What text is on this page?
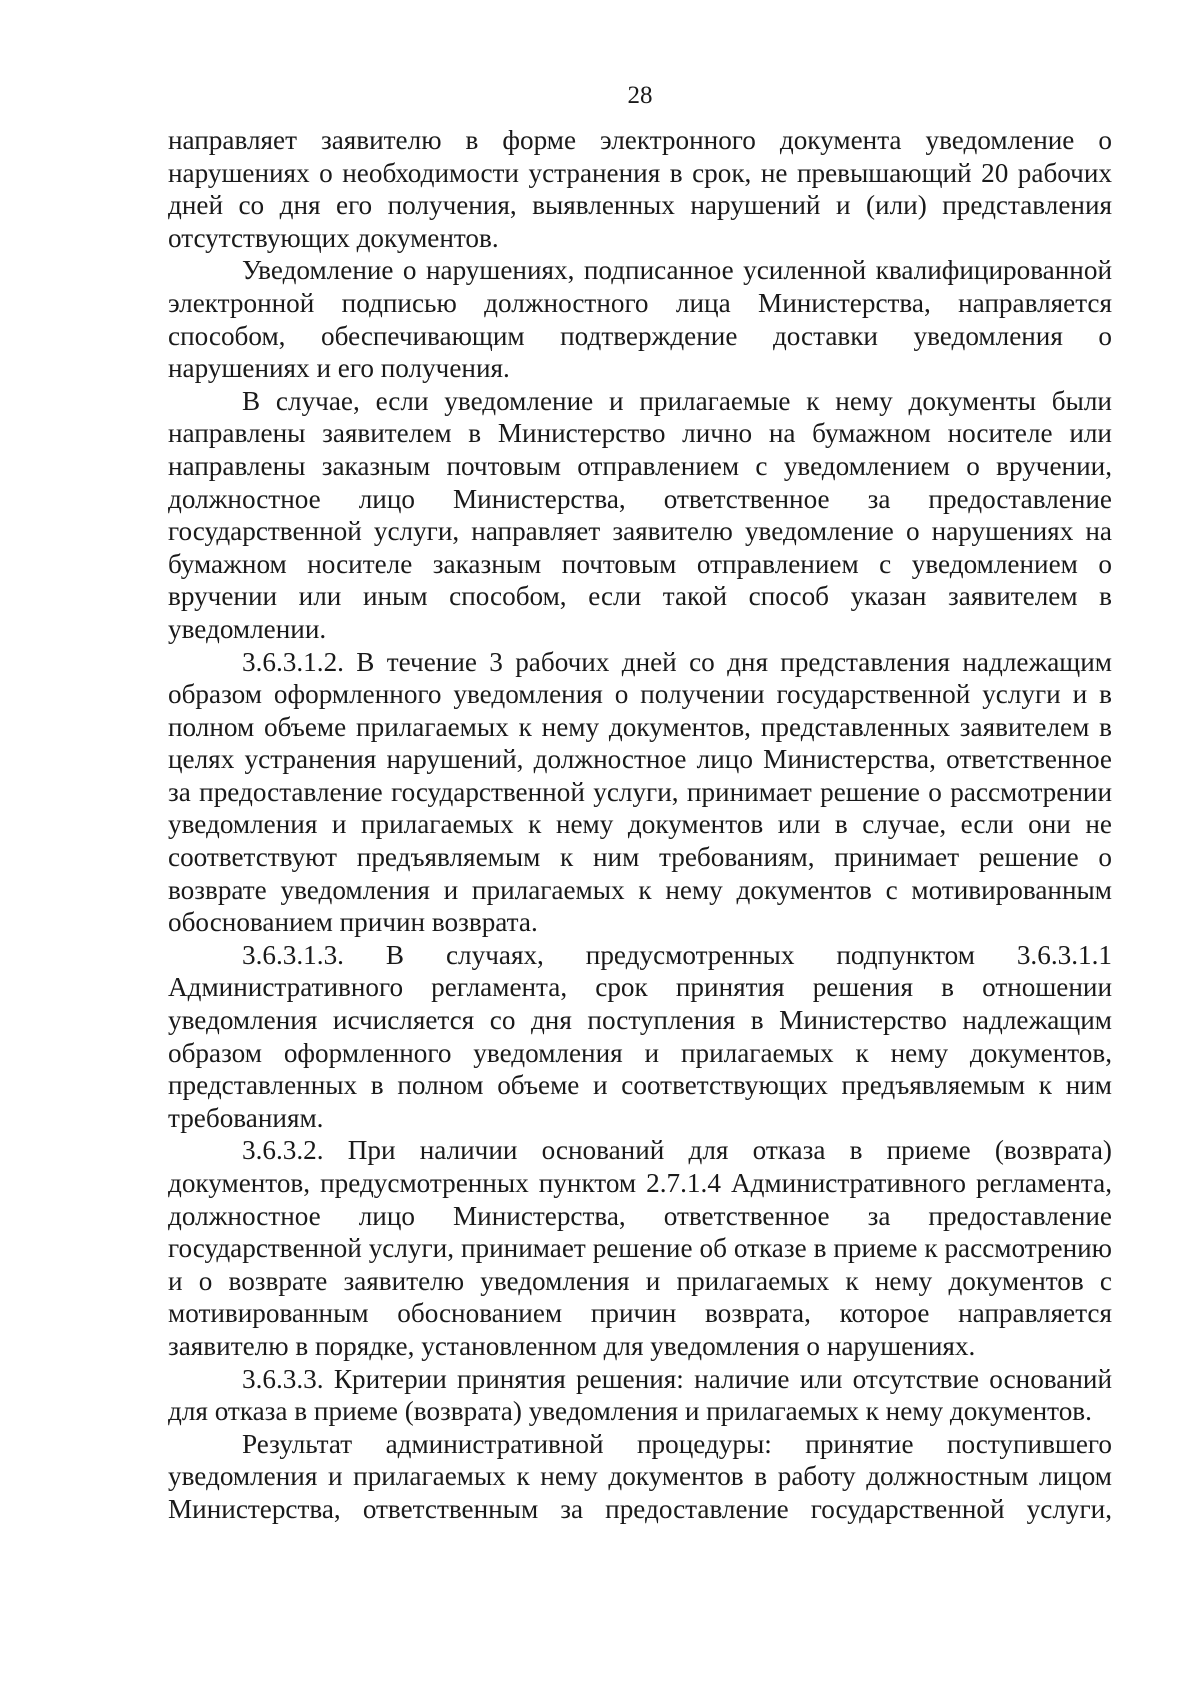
28

направляет заявителю в форме электронного документа уведомление о нарушениях о необходимости устранения в срок, не превышающий 20 рабочих дней со дня его получения, выявленных нарушений и (или) представления отсутствующих документов.

Уведомление о нарушениях, подписанное усиленной квалифицированной электронной подписью должностного лица Министерства, направляется способом, обеспечивающим подтверждение доставки уведомления о нарушениях и его получения.

В случае, если уведомление и прилагаемые к нему документы были направлены заявителем в Министерство лично на бумажном носителе или направлены заказным почтовым отправлением с уведомлением о вручении, должностное лицо Министерства, ответственное за предоставление государственной услуги, направляет заявителю уведомление о нарушениях на бумажном носителе заказным почтовым отправлением с уведомлением о вручении или иным способом, если такой способ указан заявителем в уведомлении.

3.6.3.1.2. В течение 3 рабочих дней со дня представления надлежащим образом оформленного уведомления о получении государственной услуги и в полном объеме прилагаемых к нему документов, представленных заявителем в целях устранения нарушений, должностное лицо Министерства, ответственное за предоставление государственной услуги, принимает решение о рассмотрении уведомления и прилагаемых к нему документов или в случае, если они не соответствуют предъявляемым к ним требованиям, принимает решение о возврате уведомления и прилагаемых к нему документов с мотивированным обоснованием причин возврата.

3.6.3.1.3. В случаях, предусмотренных подпунктом 3.6.3.1.1 Административного регламента, срок принятия решения в отношении уведомления исчисляется со дня поступления в Министерство надлежащим образом оформленного уведомления и прилагаемых к нему документов, представленных в полном объеме и соответствующих предъявляемым к ним требованиям.

3.6.3.2. При наличии оснований для отказа в приеме (возврата) документов, предусмотренных пунктом 2.7.1.4 Административного регламента, должностное лицо Министерства, ответственное за предоставление государственной услуги, принимает решение об отказе в приеме к рассмотрению и о возврате заявителю уведомления и прилагаемых к нему документов с мотивированным обоснованием причин возврата, которое направляется заявителю в порядке, установленном для уведомления о нарушениях.

3.6.3.3. Критерии принятия решения: наличие или отсутствие оснований для отказа в приеме (возврата) уведомления и прилагаемых к нему документов.

Результат административной процедуры: принятие поступившего уведомления и прилагаемых к нему документов в работу должностным лицом Министерства, ответственным за предоставление государственной услуги,
